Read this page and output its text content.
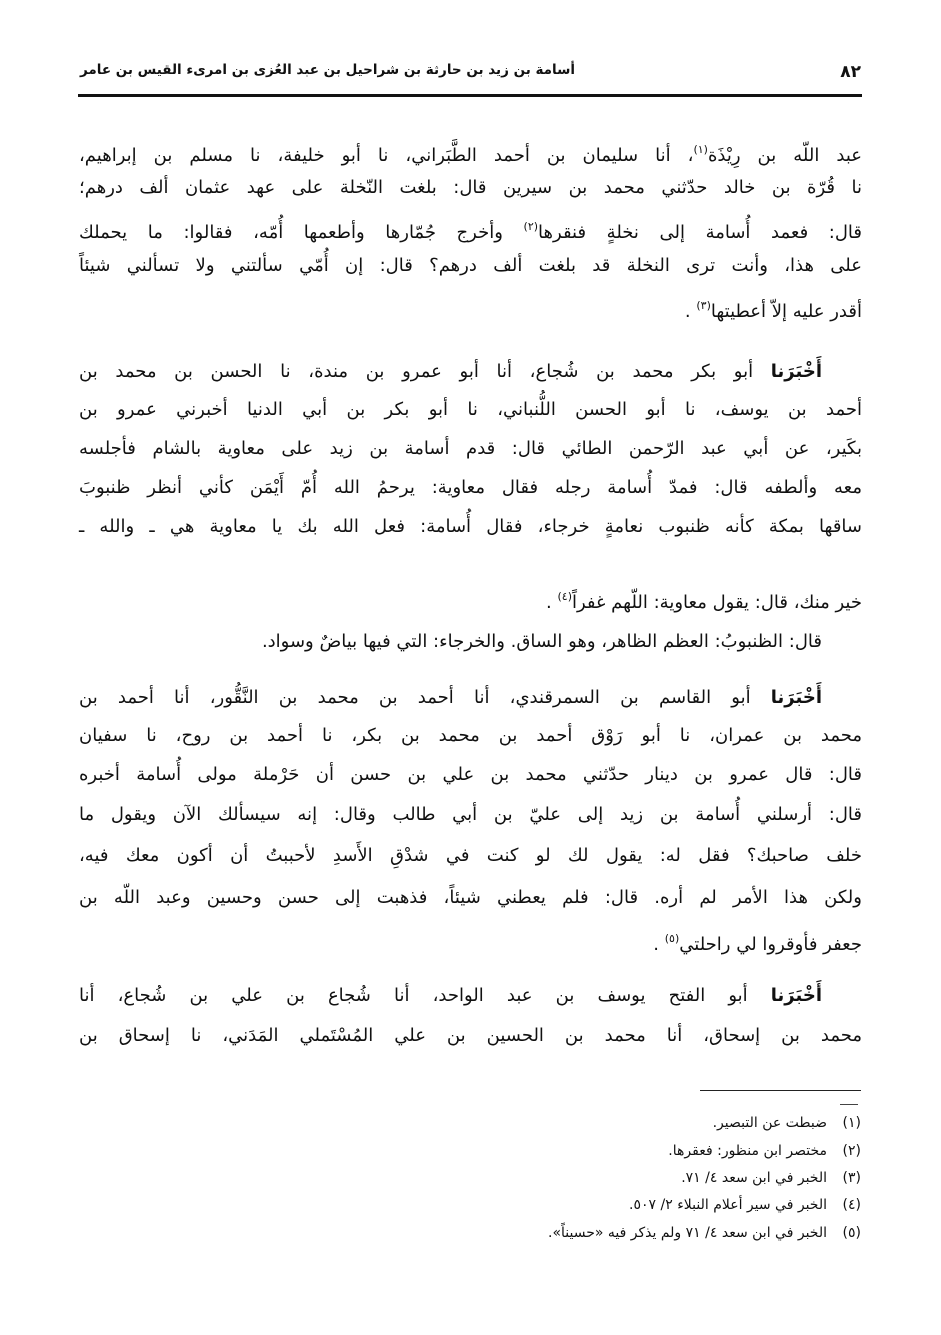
٨٢
أسامة بن زيد بن حارثة بن شراحيل بن عبد العُزى بن امرىء القيس بن عامر
عبد اللّه بن رِيْذَة$^{(١)}$، أنا سليمان بن أحمد الطَّبَراني، نا أبو خليفة، نا مسلم بن إبراهيم،
نا قُرّة بن خالد حدّثني محمد بن سيرين قال: بلغت النّخلة على عهد عثمان ألف درهم؛
قال: فعمد أُسامة إلى نخلةٍ فنقرها$^{(٢)}$ وأخرج جُمّارها وأطعمها أُمّه، فقالوا: ما يحملك
على هذا، وأنت ترى النخلة قد بلغت ألف درهم؟ قال: إن أُمّي سألتني ولا تسألني شيئاً
أقدر عليه إلاّ أعطيتها$^{(٣)}$ .
أَخْبَرَنا أبو بكر محمد بن شُجاع، أنا أبو عمرو بن مندة، نا الحسن بن محمد بن
أحمد بن يوسف، نا أبو الحسن اللُّنباني، نا أبو بكر بن أبي الدنيا أخبرني عمرو بن
بكَير، عن أبي عبد الرّحمن الطائي قال: قدم أسامة بن زيد على معاوية بالشام فأجلسه
معه وألطفه قال: فمدّ أُسامة رجله فقال معاوية: يرحمُ الله أُمّ أَيْمَن كأني أنظر ظنبوبَ
ساقها بمكة كأنه ظنبوب نعامةٍ خرجاء، فقال أُسامة: فعل الله بك يا معاوية هي ـ والله ـ
خير منك، قال: يقول معاوية: اللّهم غفراً$^{(٤)}$ .
قال: الظنبوبُ: العظم الظاهر، وهو الساق. والخرجاء: التي فيها بياضٌ وسواد.
أَخْبَرَنا أبو القاسم بن السمرقندي، أنا أحمد بن محمد بن النَّقُّور، أنا أحمد بن
محمد بن عمران، نا أبو رَوْق أحمد بن محمد بن بكر، نا أحمد بن روح، نا سفيان
قال: قال عمرو بن دينار حدّثني محمد بن علي بن حسن أن حَرْملة مولى أُسامة أخبره
قال: أرسلني أُسامة بن زيد إلى عليّ بن أبي طالب وقال: إنه سيسألك الآن ويقول ما
خلف صاحبك؟ فقل له: يقول لك لو كنت في شدْقِ الأَسدِ لأحببتُ أن أكون معك فيه،
ولكن هذا الأمر لم أره. قال: فلم يعطني شيئاً، فذهبت إلى حسن وحسين وعبد اللّه بن
جعفر فأوقروا لي راحلتي$^{(٥)}$ .
أَخْبَرَنا أبو الفتح يوسف بن عبد الواحد، أنا شُجاع بن علي بن شُجاع، أنا
محمد بن إسحاق، أنا محمد بن الحسين بن علي المُسْتَملي المَدَني، نا إسحاق بن
(١)ضبطت عن التبصير.
(٢)مختصر ابن منظور: فعقرها.
(٣)الخبر في ابن سعد ٤/ ٧١.
(٤)الخبر في سير أعلام النبلاء ٢/ ٥٠٧.
(٥)الخبر في ابن سعد ٤/ ٧١ ولم يذكر فيه «حسيناً».
